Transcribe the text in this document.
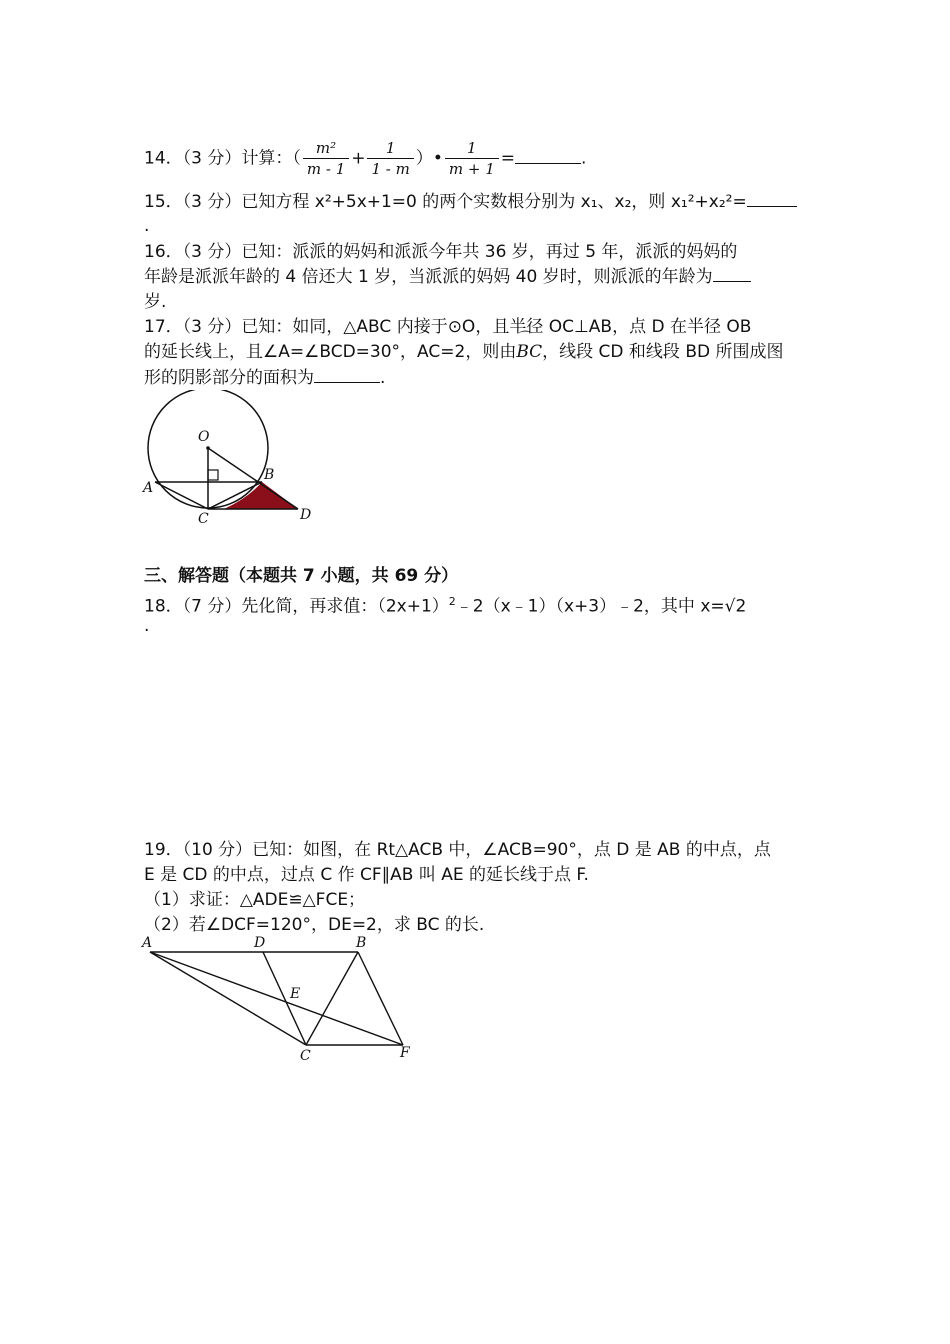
14．（3 分）计算：（ $\frac{\text{m²}}{m - 1} + \frac{1}{1 - m}$ ）• $\frac{1}{m + 1}$ =	.
15．（3 分）已知方程 x²+5x+1=0 的两个实数根分别为 x₁、x₂，则 x₁²+x₂²=
.
16．（3 分）已知：派派的妈妈和派派今年共 36 岁，再过 5 年，派派的妈妈的
年龄是派派年龄的 4 倍还大 1 岁，当派派的妈妈 40 岁时，则派派的年龄为
岁.
17．（3 分）已知：如同，△ABC 内接于⊙O，且半径 OC⊥AB，点 D 在半径 OB
的延长线上，且∠A=∠BCD=30°，AC=2，则由⌒ BC，线段 CD 和线段 BD 所围成图
形的阴影部分的面积为	.
O
A
B
C	D
三、解答题（本题共 7 小题，共 69 分）
18．（7 分）先化简，再求值：$(2x+1)^2﹣2(x﹣1)(x+3)﹣2$，其中 x=√2
.
19．（10 分）已知：如图，在 Rt△ACB 中，∠ACB=90°，点 D 是 AB 的中点，点
E 是 CD 的中点，过点 C 作 CF∥AB 叫 AE 的延长线于点 F.
（1）求证：△ADE≌△FCE；
（2）若∠DCF=120°，DE=2，求 BC 的长.
A	D	B
E
C	F
